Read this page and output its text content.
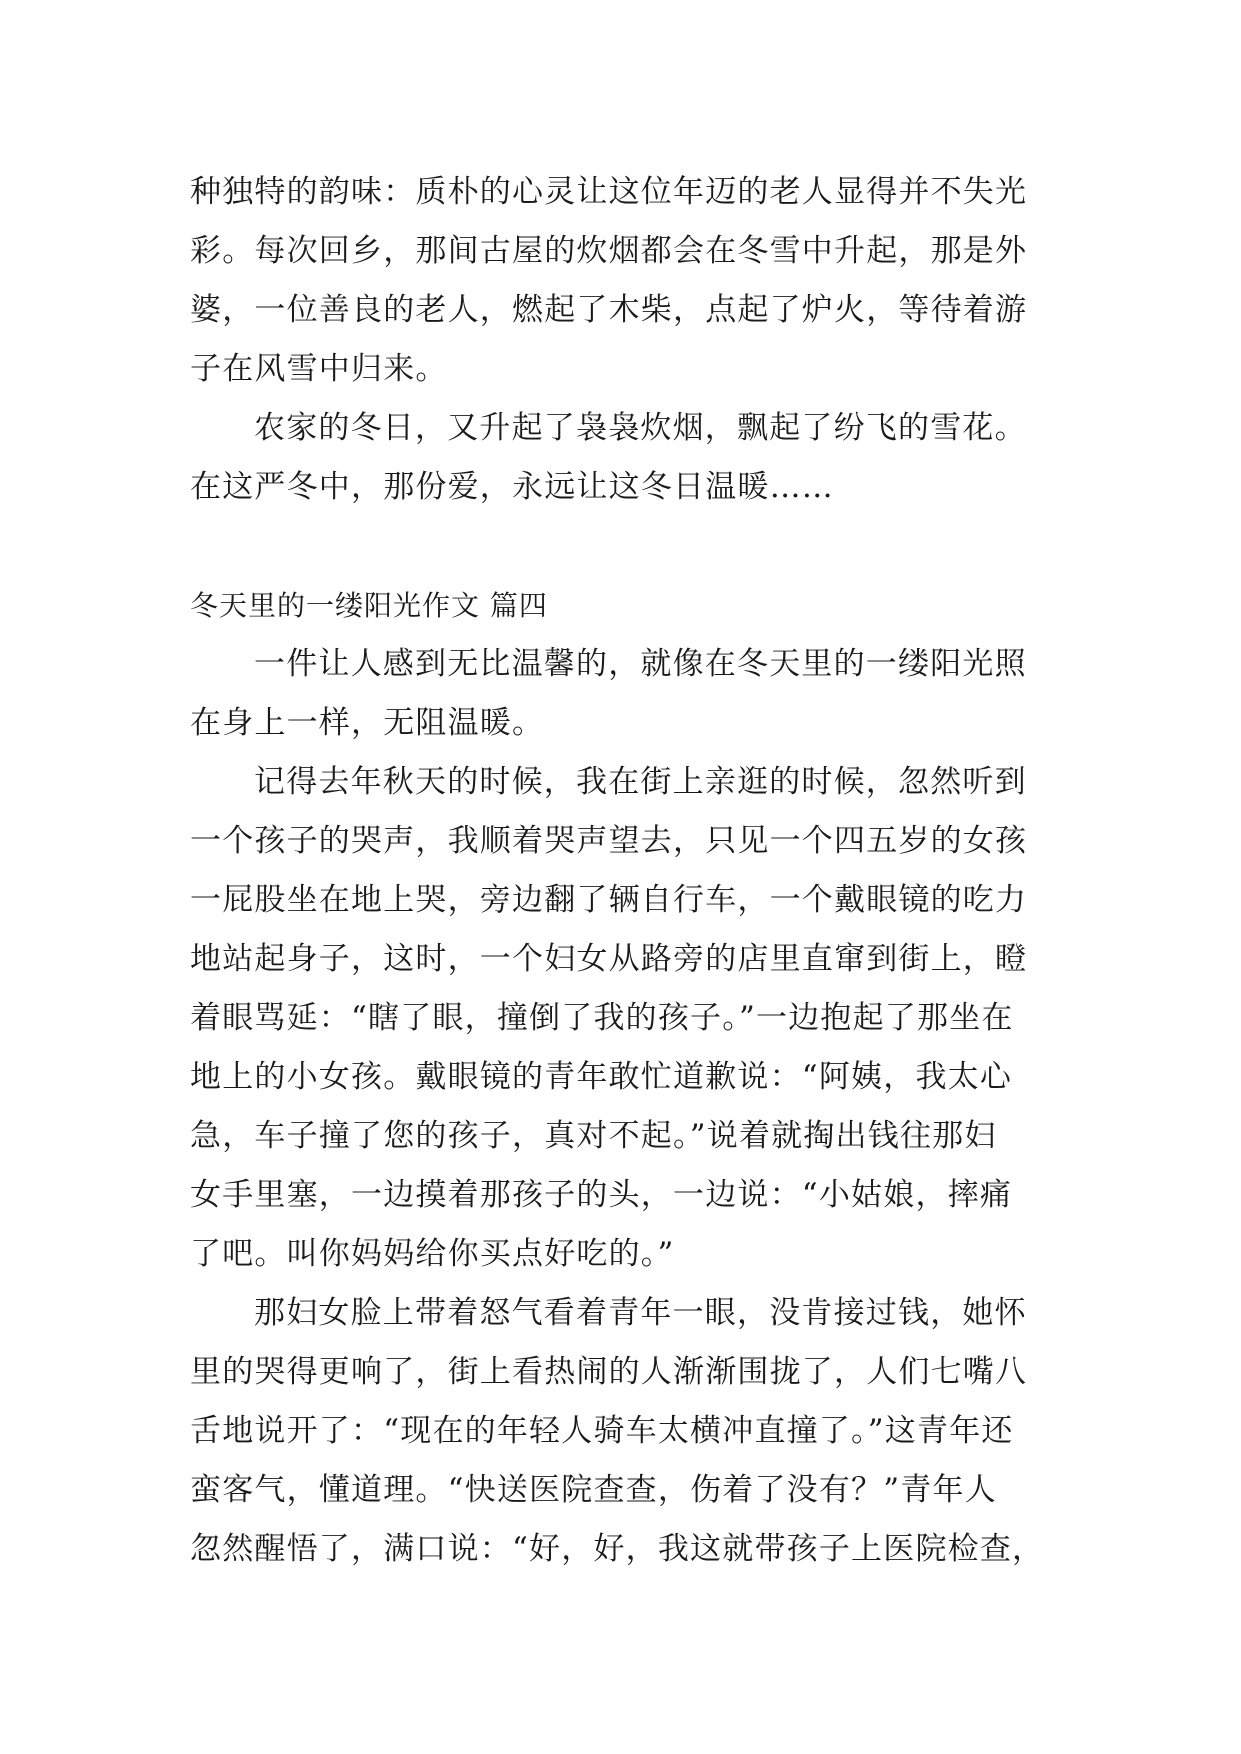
种独特的韵味：质朴的心灵让这位年迈的老人显得并不失光
彩。每次回乡，那间古屋的炊烟都会在冬雪中升起，那是外
婆，一位善良的老人，燃起了木柴，点起了炉火，等待着游
子在风雪中归来。
农家的冬日，又升起了袅袅炊烟，飘起了纷飞的雪花。
在这严冬中，那份爱，永远让这冬日温暖……
冬天里的一缕阳光作文 篇四
一件让人感到无比温馨的，就像在冬天里的一缕阳光照
在身上一样，无阻温暖。
记得去年秋天的时候，我在街上亲逛的时候，忽然听到
一个孩子的哭声，我顺着哭声望去，只见一个四五岁的女孩
一屁股坐在地上哭，旁边翻了辆自行车，一个戴眼镜的吃力
地站起身子，这时，一个妇女从路旁的店里直窜到街上，瞪
着眼骂延：“瞎了眼，撞倒了我的孩子。”一边抱起了那坐在
地上的小女孩。戴眼镜的青年敢忙道歉说：“阿姨，我太心
急，车子撞了您的孩子，真对不起。”说着就掏出钱往那妇
女手里塞，一边摸着那孩子的头，一边说：“小姑娘，摔痛
了吧。叫你妈妈给你买点好吃的。”
那妇女脸上带着怒气看着青年一眼，没肯接过钱，她怀
里的哭得更响了，街上看热闹的人渐渐围拢了，人们七嘴八
舌地说开了：“现在的年轻人骑车太横冲直撞了。”这青年还
蛮客气，懂道理。“快送医院查查，伤着了没有？”青年人
忽然醒悟了，满口说：“好，好，我这就带孩子上医院检查，
